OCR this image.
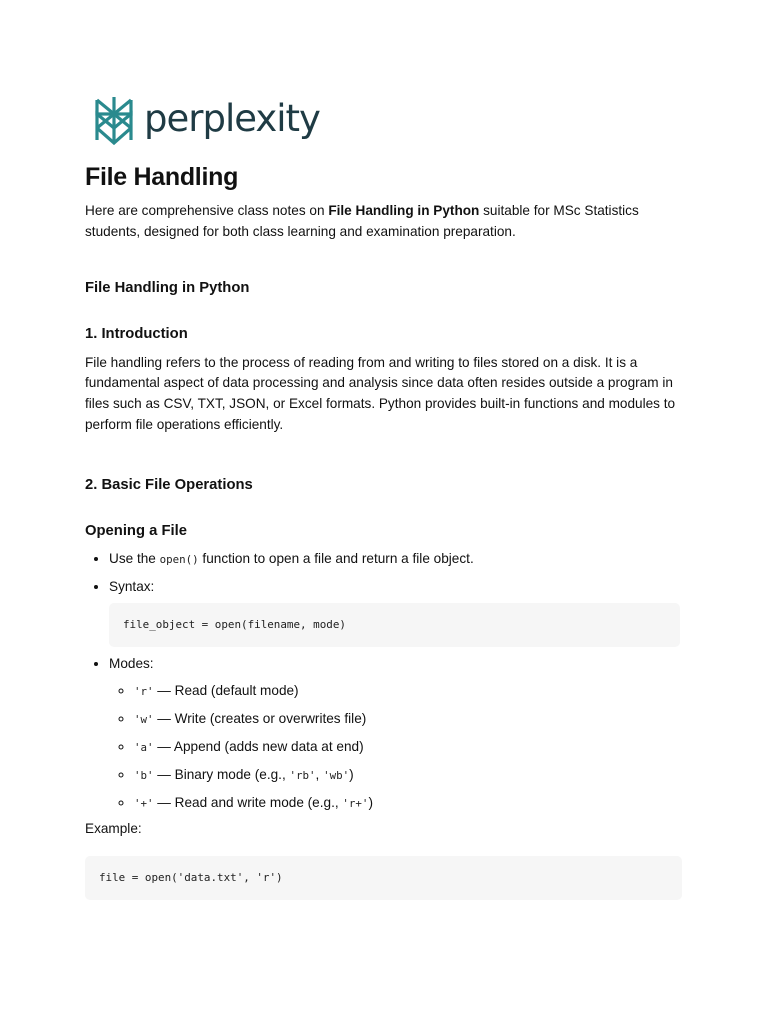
perplexity
File Handling

Here are comprehensive class notes on File Handling in Python suitable for MSc Statistics students, designed for both class learning and examination preparation.

File Handling in Python
1. Introduction

File handling refers to the process of reading from and writing to files stored on a disk. It is a fundamental aspect of data processing and analysis since data often resides outside a program in files such as CSV, TXT, JSON, or Excel formats. Python provides built-in functions and modules to perform file operations efficiently.

2. Basic File Operations
Opening a File
• Use the open() function to open a file and return a file object.
• Syntax:
file_object = open(filename, mode)
• Modes:
◦ 'r' — Read (default mode)
◦ 'w' — Write (creates or overwrites file)
◦ 'a' — Append (adds new data at end)
◦ 'b' — Binary mode (e.g., 'rb', 'wb')
◦ '+' — Read and write mode (e.g., 'r+')

Example:

file = open('data.txt', 'r')
